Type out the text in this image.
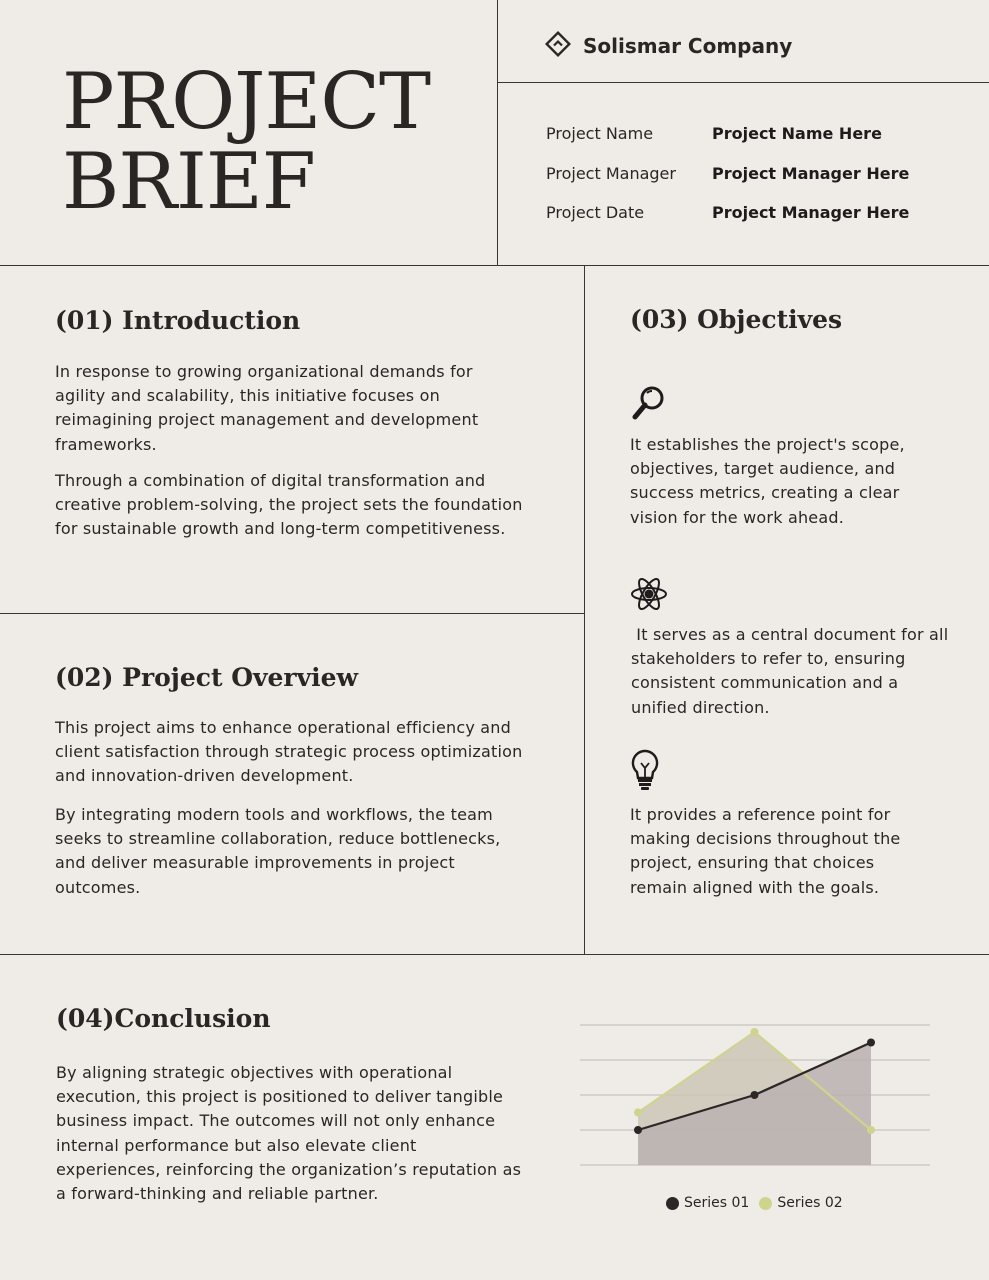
PROJECT
BRIEF
Solismar Company
Project Name	Project Name Here
Project Manager	Project Manager Here
Project Date	Project Manager Here
(01) Introduction

In response to growing organizational demands for agility and scalability, this initiative focuses on reimagining project management and development frameworks.

Through a combination of digital transformation and creative problem-solving, the project sets the foundation for sustainable growth and long-term competitiveness.

(02) Project Overview

This project aims to enhance operational efficiency and client satisfaction through strategic process optimization and innovation-driven development.

By integrating modern tools and workflows, the team seeks to streamline collaboration, reduce bottlenecks, and deliver measurable improvements in project outcomes.

(03) Objectives

It establishes the project's scope, objectives, target audience, and success metrics, creating a clear vision for the work ahead.

It serves as a central document for all stakeholders to refer to, ensuring consistent communication and a unified direction.

It provides a reference point for making decisions throughout the project, ensuring that choices remain aligned with the goals.

(04)Conclusion

By aligning strategic objectives with operational execution, this project is positioned to deliver tangible business impact. The outcomes will not only enhance internal performance but also elevate client experiences, reinforcing the organization’s reputation as a forward-thinking and reliable partner.	Series 01 Series 02
